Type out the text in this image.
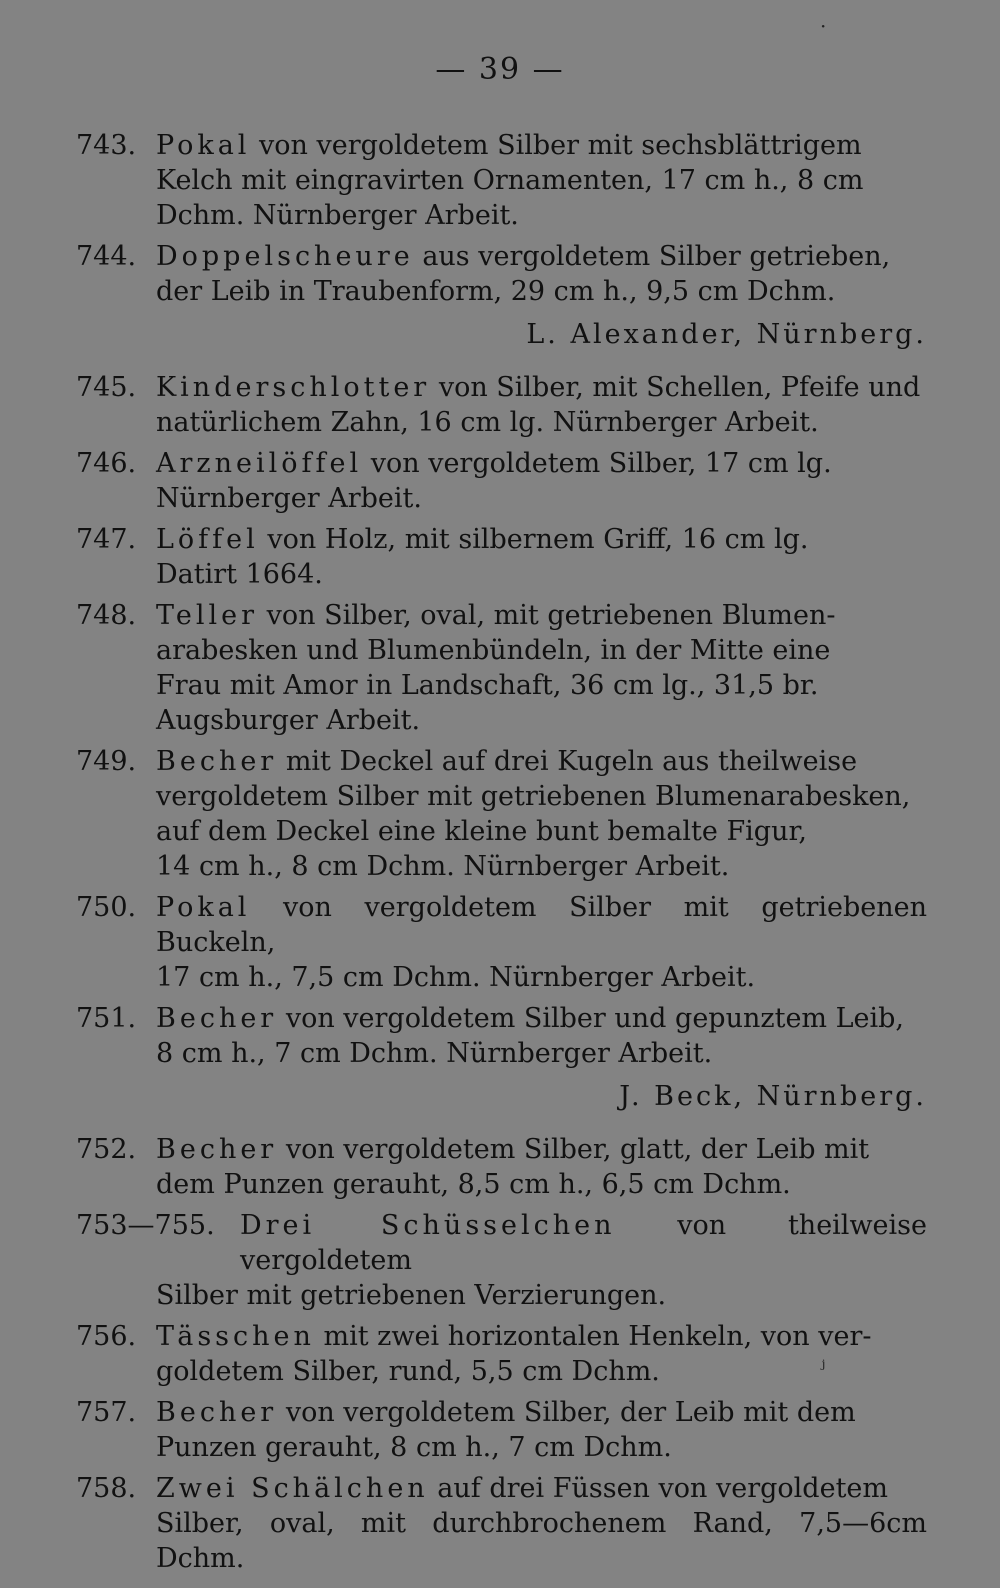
— 39 —
743. Pokal von vergoldetem Silber mit sechsblättrigem
Kelch mit eingravirten Ornamenten, 17 cm h., 8 cm
Dchm. Nürnberger Arbeit.
744. Doppelscheure aus vergoldetem Silber getrieben,
der Leib in Traubenform, 29 cm h., 9,5 cm Dchm.
L. Alexander, Nürnberg.
745. Kinderschlotter von Silber, mit Schellen, Pfeife und
natürlichem Zahn, 16 cm lg. Nürnberger Arbeit.
746. Arzneilöffel von vergoldetem Silber, 17 cm lg.
Nürnberger Arbeit.
747. Löffel von Holz, mit silbernem Griff, 16 cm lg.
Datirt 1664.
748. Teller von Silber, oval, mit getriebenen Blumen-
arabesken und Blumenbündeln, in der Mitte eine
Frau mit Amor in Landschaft, 36 cm lg., 31,5 br.
Augsburger Arbeit.
749. Becher mit Deckel auf drei Kugeln aus theilweise
vergoldetem Silber mit getriebenen Blumenarabesken,
auf dem Deckel eine kleine bunt bemalte Figur,
14 cm h., 8 cm Dchm. Nürnberger Arbeit.
750. Pokal von vergoldetem Silber mit getriebenen Buckeln,
17 cm h., 7,5 cm Dchm. Nürnberger Arbeit.
751. Becher von vergoldetem Silber und gepunztem Leib,
8 cm h., 7 cm Dchm. Nürnberger Arbeit.
J. Beck, Nürnberg.
752. Becher von vergoldetem Silber, glatt, der Leib mit
dem Punzen gerauht, 8,5 cm h., 6,5 cm Dchm.
753—755. Drei Schüsselchen von theilweise vergoldetem
Silber mit getriebenen Verzierungen.
756. Tässchen mit zwei horizontalen Henkeln, von ver-
goldetem Silber, rund, 5,5 cm Dchm.
757. Becher von vergoldetem Silber, der Leib mit dem
Punzen gerauht, 8 cm h., 7 cm Dchm.
758. Zwei Schälchen auf drei Füssen von vergoldetem
Silber, oval, mit durchbrochenem Rand, 7,5—6cm Dchm.
·
ʲ
